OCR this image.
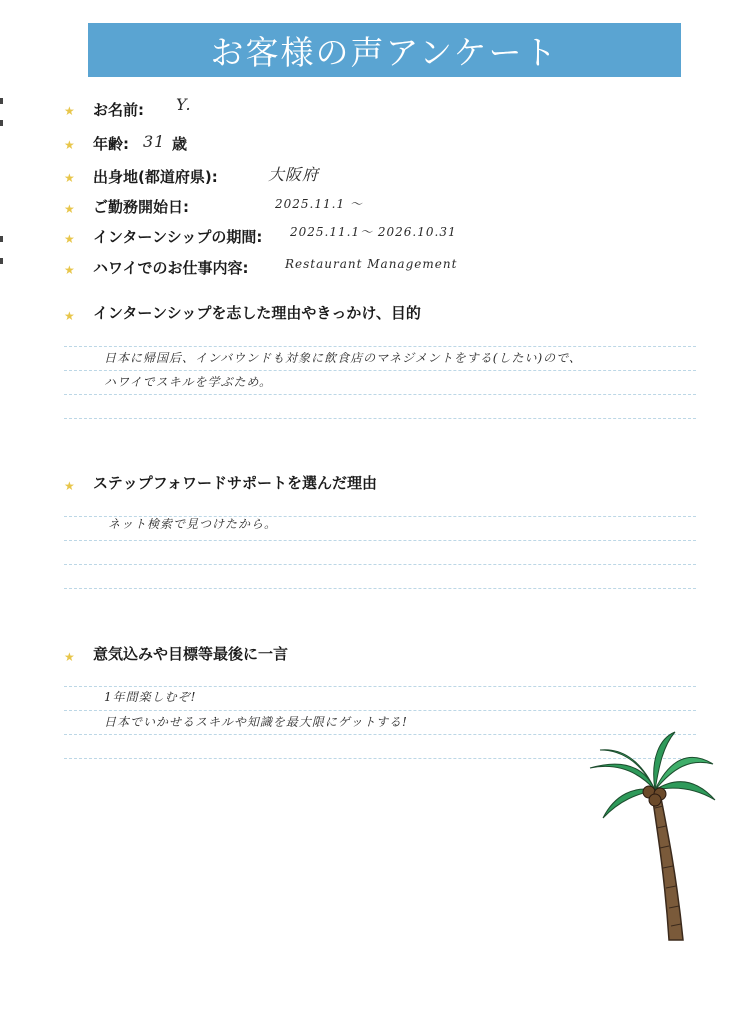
お客様の声アンケート
★ お名前: Y.
★ 年齢: 31 歳
★ 出身地(都道府県):	大阪府
★ ご勤務開始日:	2025.11.1 ～
★ インターンシップの期間: 2025.11.1～ 2026.10.31
★ ハワイでのお仕事内容:	Restaurant Management
★ インターンシップを志した理由やきっかけ、目的
日本に帰国后、インバウンドも対象に飲食店のマネジメントをする(したい)ので、
ハワイでスキルを学ぶため。
★ ステップフォワードサポートを選んだ理由
ネット検索で見つけたから。
★ 意気込みや目標等最後に一言
1年間楽しむぞ!
日本でいかせるスキルや知識を最大限にゲットする!
